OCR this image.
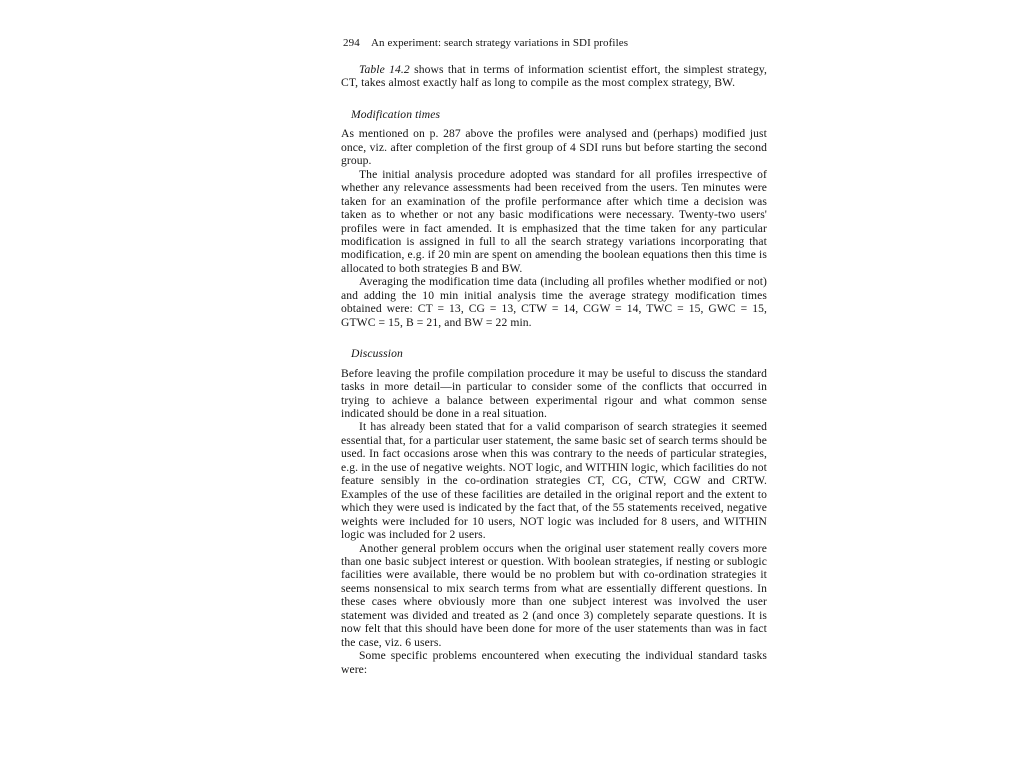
294 An experiment: search strategy variations in SDI profiles

Table 14.2 shows that in terms of information scientist effort, the simplest strategy, CT, takes almost exactly half as long to compile as the most complex strategy, BW.

Modification times

As mentioned on p. 287 above the profiles were analysed and (perhaps) modified just once, viz. after completion of the first group of 4 SDI runs but before starting the second group.

The initial analysis procedure adopted was standard for all profiles irrespective of whether any relevance assessments had been received from the users. Ten minutes were taken for an examination of the profile performance after which time a decision was taken as to whether or not any basic modifications were necessary. Twenty-two users' profiles were in fact amended. It is emphasized that the time taken for any particular modification is assigned in full to all the search strategy variations incorporating that modification, e.g. if 20 min are spent on amending the boolean equations then this time is allocated to both strategies B and BW.

Averaging the modification time data (including all profiles whether modified or not) and adding the 10 min initial analysis time the average strategy modification times obtained were: CT = 13, CG = 13, CTW = 14, CGW = 14, TWC = 15, GWC = 15, GTWC = 15, B = 21, and BW = 22 min.

Discussion

Before leaving the profile compilation procedure it may be useful to discuss the standard tasks in more detail—in particular to consider some of the conflicts that occurred in trying to achieve a balance between experimental rigour and what common sense indicated should be done in a real situation.

It has already been stated that for a valid comparison of search strategies it seemed essential that, for a particular user statement, the same basic set of search terms should be used. In fact occasions arose when this was contrary to the needs of particular strategies, e.g. in the use of negative weights. NOT logic, and WITHIN logic, which facilities do not feature sensibly in the co-ordination strategies CT, CG, CTW, CGW and CRTW. Examples of the use of these facilities are detailed in the original report and the extent to which they were used is indicated by the fact that, of the 55 statements received, negative weights were included for 10 users, NOT logic was included for 8 users, and WITHIN logic was included for 2 users.

Another general problem occurs when the original user statement really covers more than one basic subject interest or question. With boolean strategies, if nesting or sublogic facilities were available, there would be no problem but with co-ordination strategies it seems nonsensical to mix search terms from what are essentially different questions. In these cases where obviously more than one subject interest was involved the user statement was divided and treated as 2 (and once 3) completely separate questions. It is now felt that this should have been done for more of the user statements than was in fact the case, viz. 6 users.

Some specific problems encountered when executing the individual standard tasks were:
